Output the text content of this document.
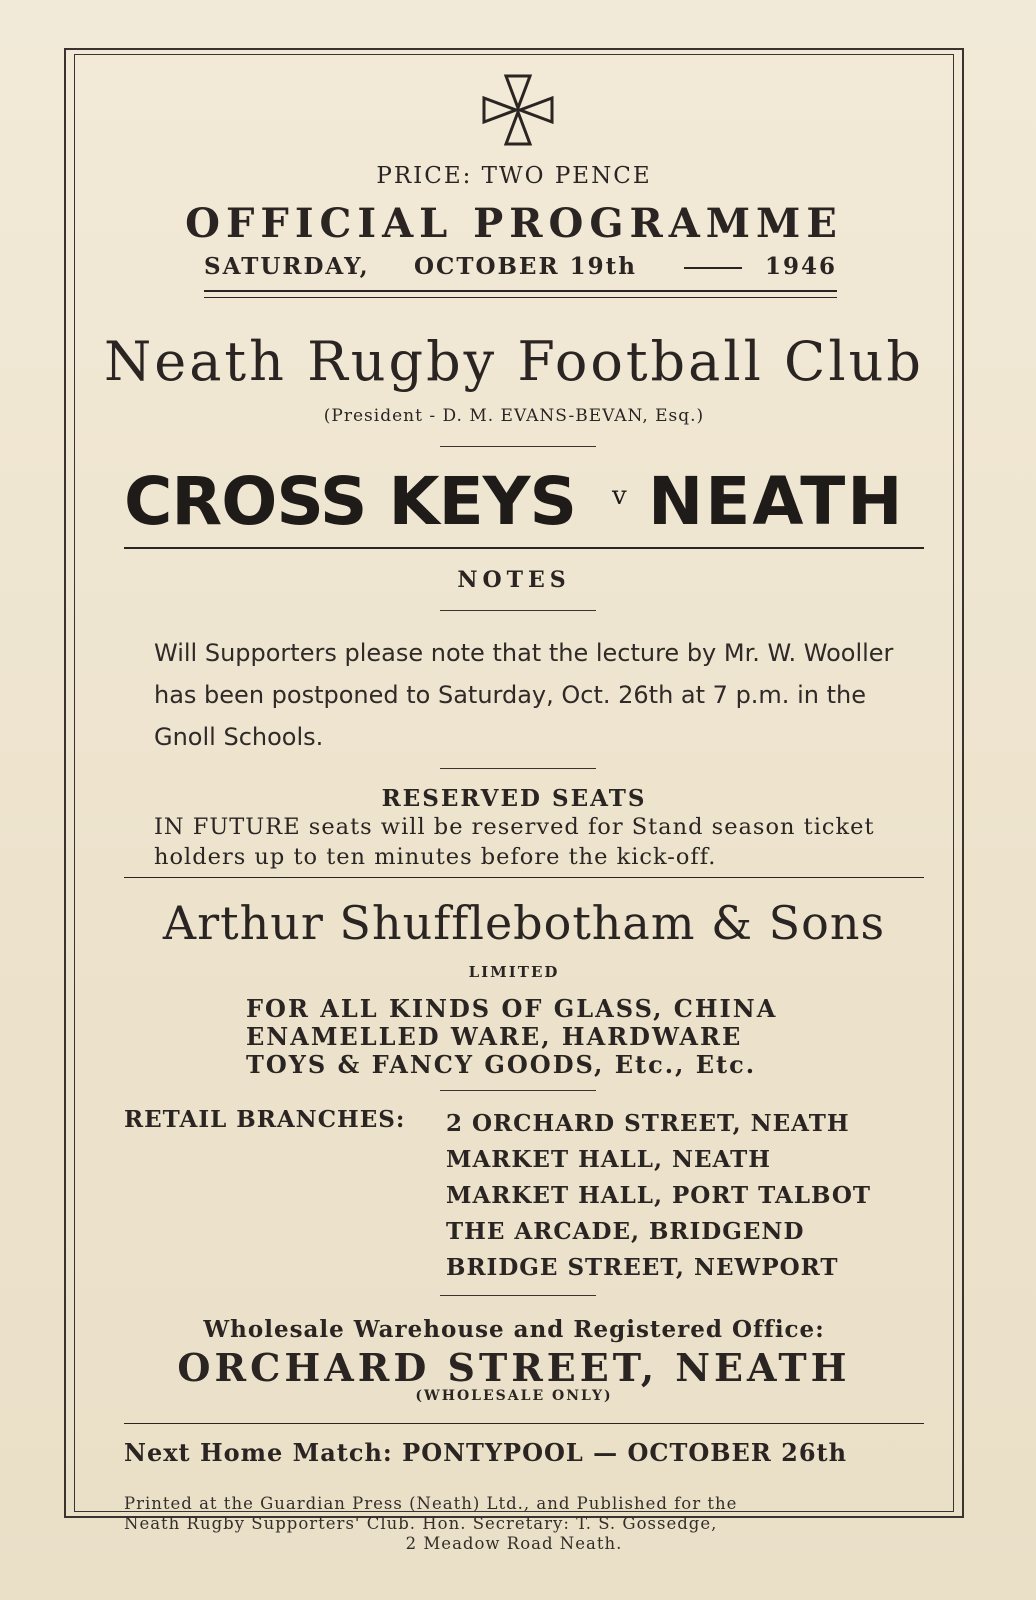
PRICE: TWO PENCE
OFFICIAL PROGRAMME
SATURDAY, OCTOBER 19th	1946
Neath Rugby Football Club
(President - D. M. EVANS-BEVAN, Esq.)
CROSS KEYS v NEATH
NOTES
Will Supporters please note that the lecture by Mr. W. Wooller has been postponed to Saturday, Oct. 26th at 7 p.m. in the Gnoll Schools.
RESERVED SEATS
IN FUTURE seats will be reserved for Stand season ticket holders up to ten minutes before the kick-off.
Arthur Shufflebotham & Sons
LIMITED
FOR ALL KINDS OF GLASS, CHINA
ENAMELLED WARE, HARDWARE
TOYS & FANCY GOODS, Etc., Etc.
RETAIL BRANCHES: 2 ORCHARD STREET, NEATH
MARKET HALL, NEATH
MARKET HALL, PORT TALBOT
THE ARCADE, BRIDGEND
BRIDGE STREET, NEWPORT
Wholesale Warehouse and Registered Office:
ORCHARD STREET, NEATH
(WHOLESALE ONLY)
Next Home Match: PONTYPOOL — OCTOBER 26th
Printed at the Guardian Press (Neath) Ltd., and Published for the
Neath Rugby Supporters' Club. Hon. Secretary: T. S. Gossedge,
2 Meadow Road Neath.
